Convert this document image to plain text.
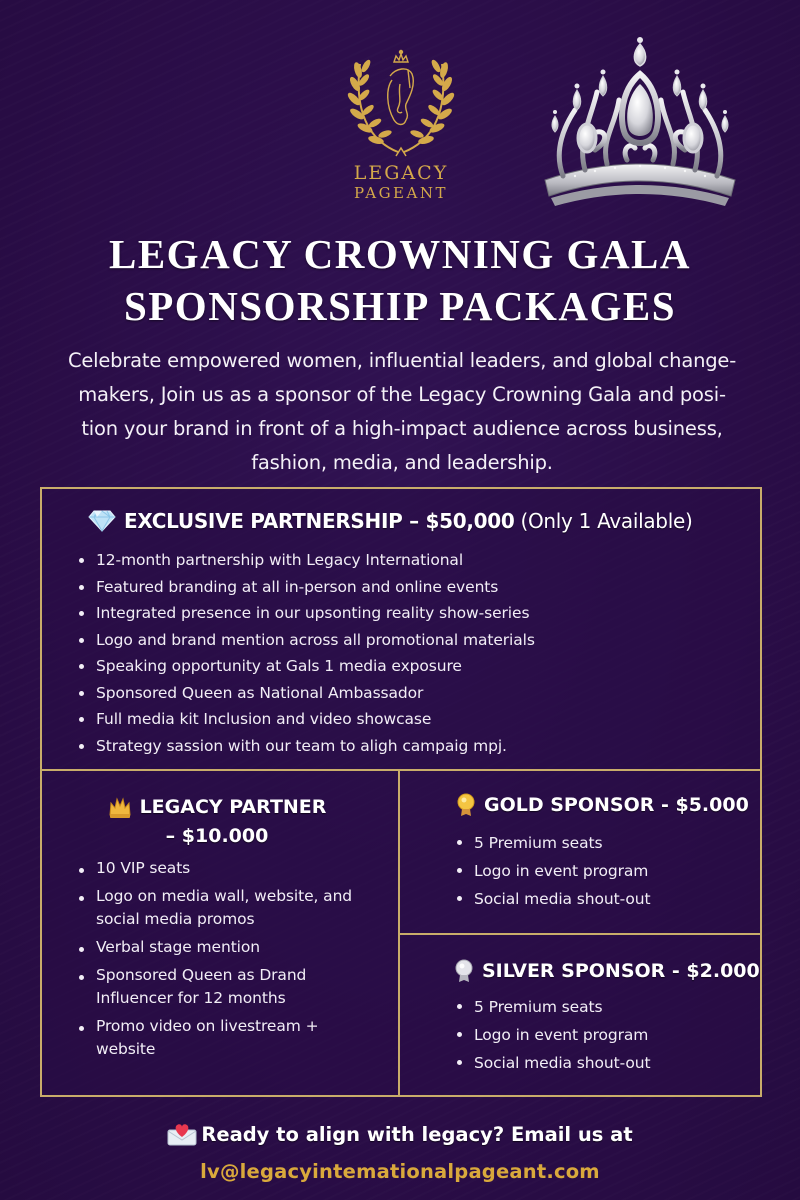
LEGACY
PAGEANT
LEGACY CROWNING GALA
SPONSORSHIP PACKAGES
Celebrate empowered women, influential leaders, and global change-
makers, Join us as a sponsor of the Legacy Crowning Gala and posi-
tion your brand in front of a high-impact audience across business,
fashion, media, and leadership.
EXCLUSIVE PARTNERSHIP – $50,000 (Only 1 Available)
12-month partnership with Legacy International
Featured branding at all in-person and online events
Integrated presence in our upsonting reality show-series
Logo and brand mention across all promotional materials
Speaking opportunity at Gals 1 media exposure
Sponsored Queen as National Ambassador
Full media kit Inclusion and video showcase
Strategy sassion with our team to aligh campaig mpj.
LEGACY PARTNER
– $10.000
10 VIP seats
Logo on media wall, website, and social media promos
Verbal stage mention
Sponsored Queen as Drand Influencer for 12 months
Promo video on livestream + website
GOLD SPONSOR - $5.000
5 Premium seats
Logo in event program
Social media shout-out
SILVER SPONSOR - $2.000
5 Premium seats
Logo in event program
Social media shout-out
Ready to align with legacy? Email us at
lv@legacyintemationalpageant.com
